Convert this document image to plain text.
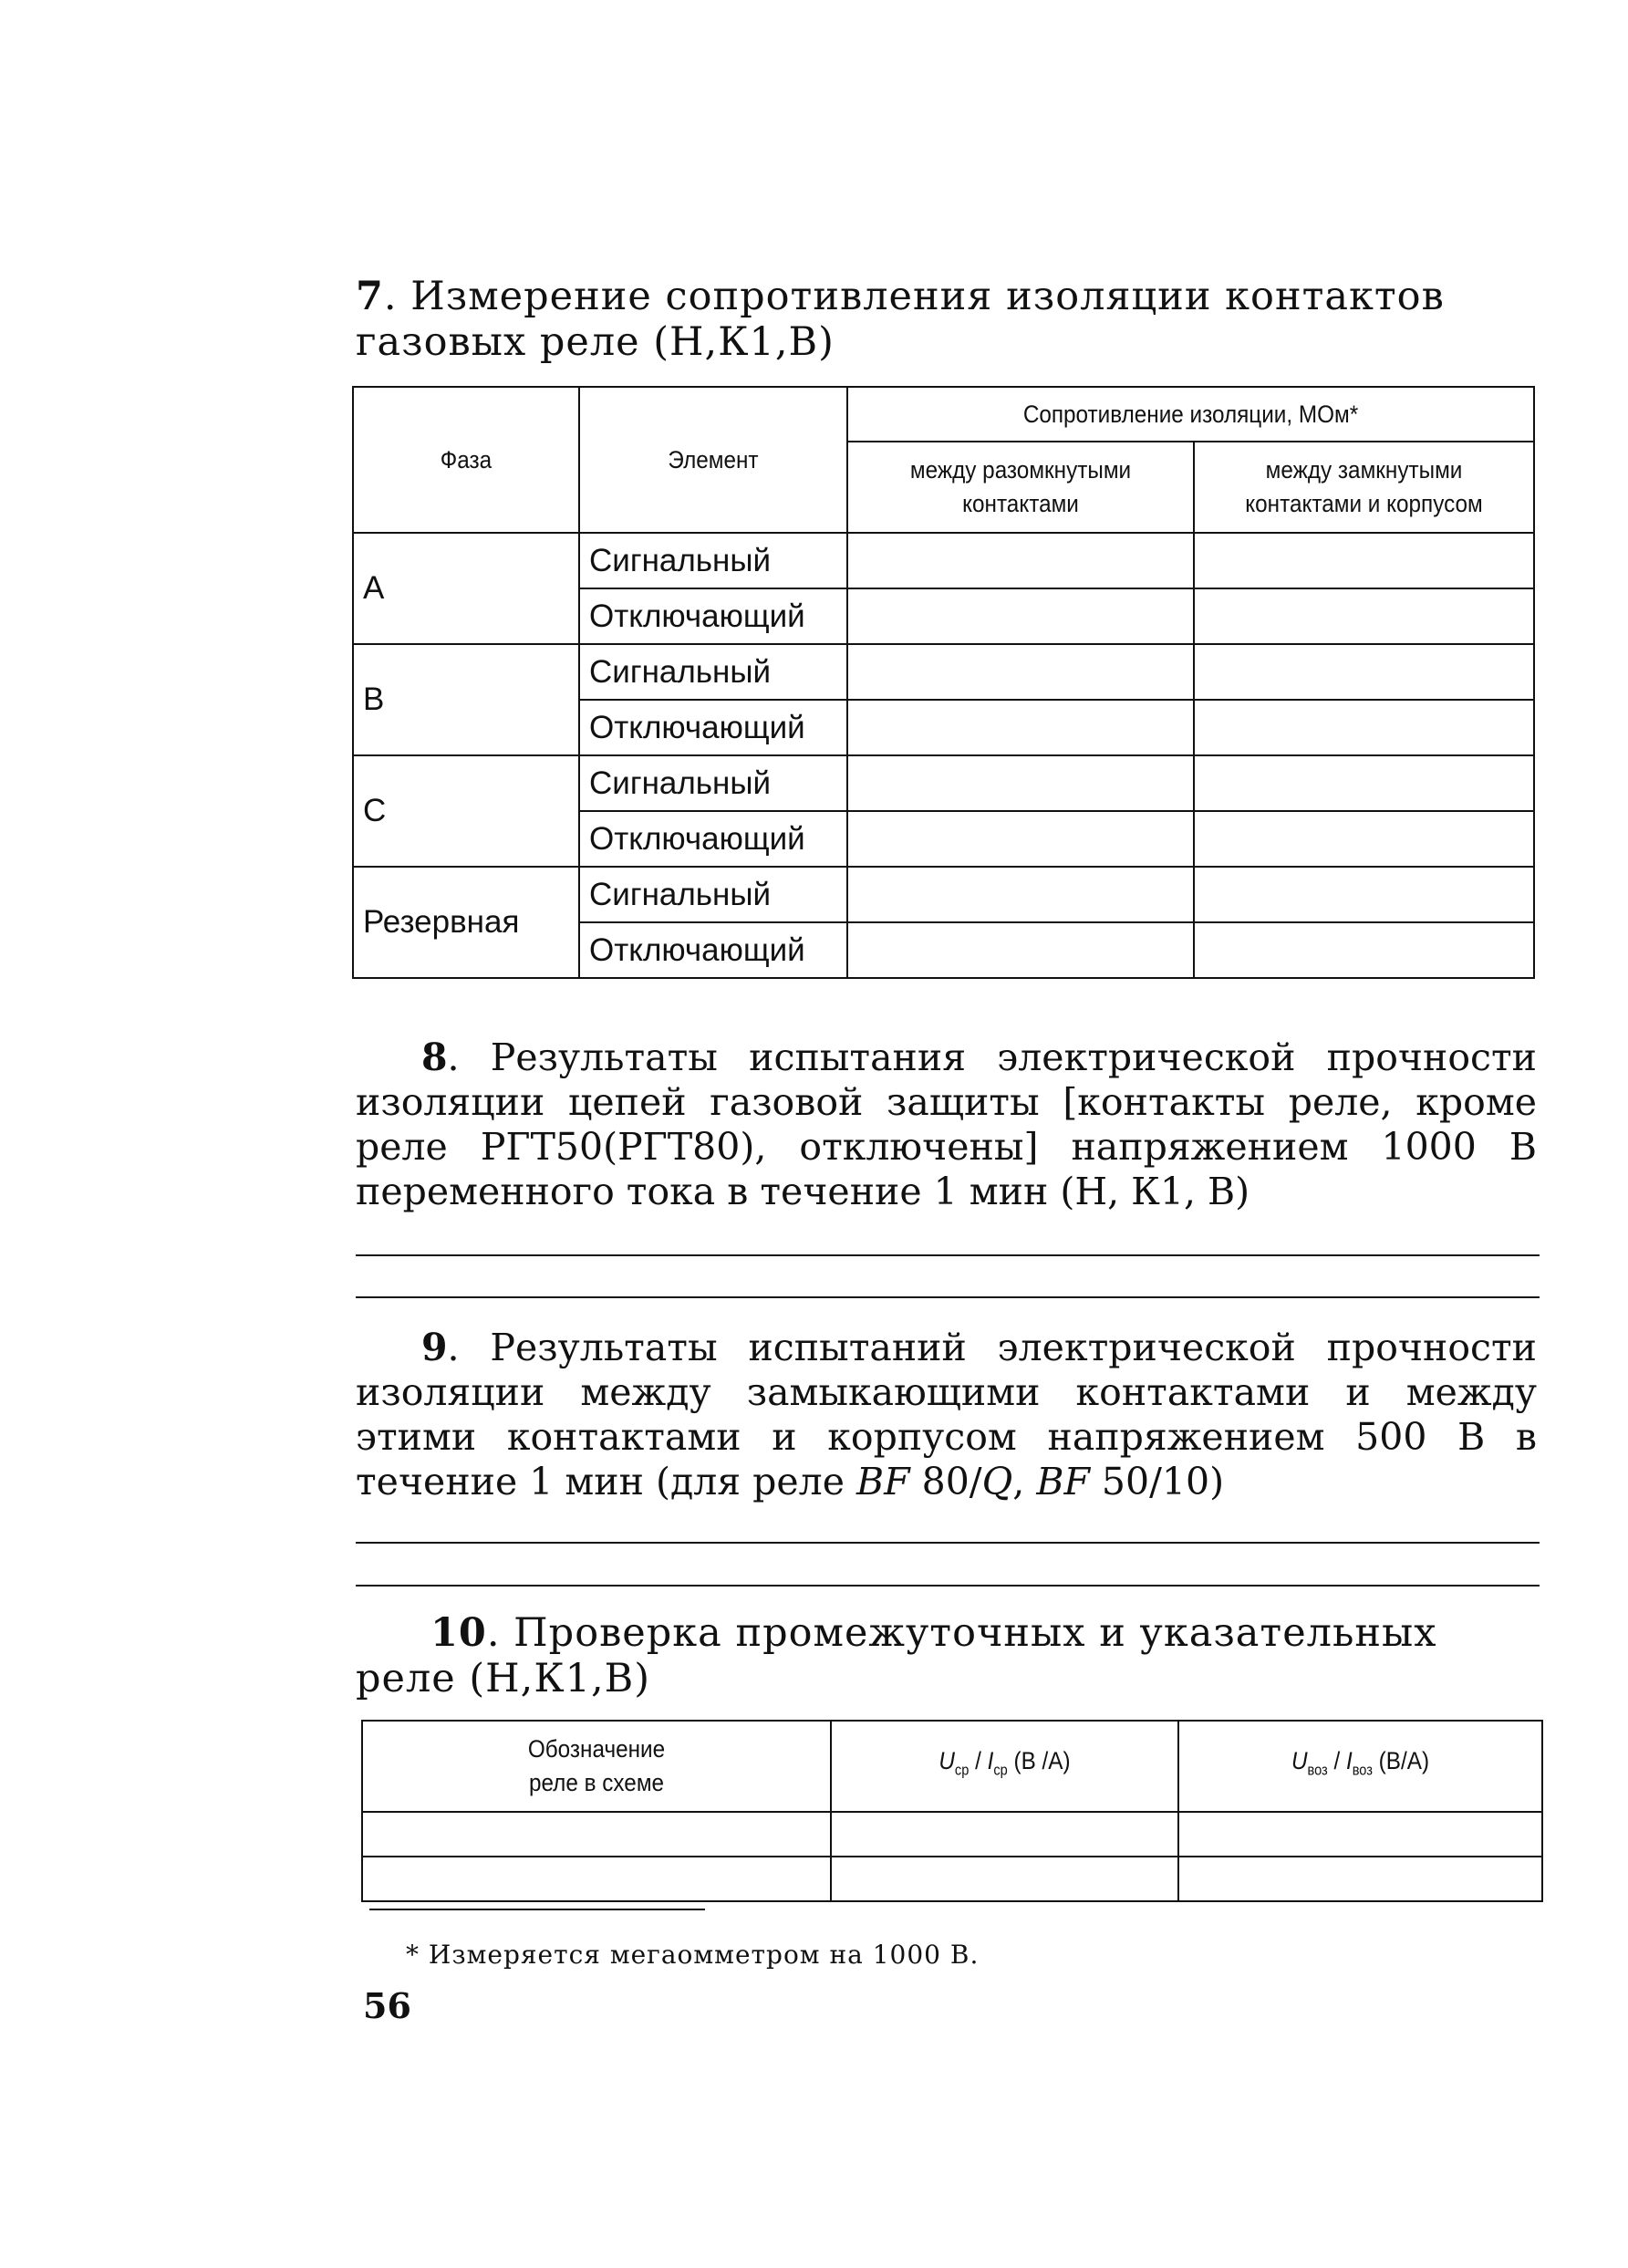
7. Измерение сопротивления изоляции контактов газовых реле (Н,К1,В)

Фаза	Элемент	Сопротивление изоляции, МОм*	

		между разомкнутыми контактами	между замкнутыми контактами и корпусом

А	Сигнальный		
	Отключающий		
В	Сигнальный		
	Отключающий		
С	Сигнальный		
	Отключающий		
Резервная	Сигнальный		
	Отключающий		

8. Результаты испытания электрической прочности изоляции цепей газовой защиты [контакты реле, кроме реле РГТ50(РГТ80), отключены] напряжением 1000 В переменного тока в течение 1 мин (Н, К1, В)

9. Результаты испытаний электрической прочности изоляции между замыкающими контактами и между этими контактами и корпусом напряжением 500 В в течение 1 мин (для реле BF 80/Q, BF 50/10)

10. Проверка промежуточных и указательных реле (Н,К1,В)

Обозначение реле в схеме	$U_{ср} / I_{ср}$ (В /А)	$U_{воз} / I_{воз}$ (В/А)

* Измеряется мегаомметром на 1000 В.
56
